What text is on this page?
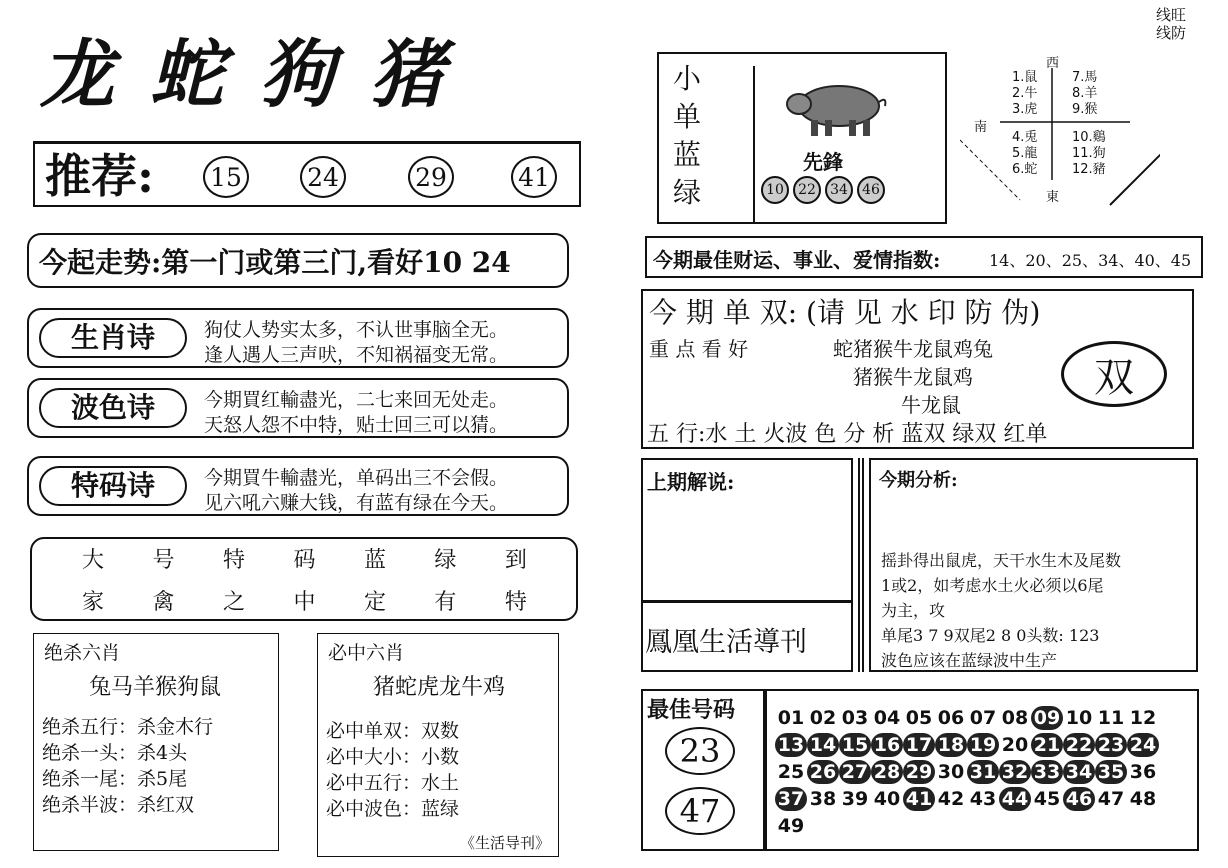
龙蛇狗猪
推荐: 15	24	29	41
今起走势:第一门或第三门,看好10 24
生肖诗	狗仗人势实太多，不认世事脑全无。
逢人遇人三声吠，不知祸福变无常。
波色诗	今期買红輸盡光，二七来回无处走。
天怒人怨不中特，贴士回三可以猜。
特码诗	今期買牛輸盡光，单码出三不会假。
见六吼六赚大钱，有蓝有绿在今天。
大 号 特 码 蓝 绿 到
家 禽 之 中 定 有 特
绝杀六肖
兔马羊猴狗鼠
绝杀五行：杀金木行
绝杀一头：杀4头
绝杀一尾：杀5尾
绝杀半波：杀红双
必中六肖
猪蛇虎龙牛鸡
必中单双：双数
必中大小：小数
必中五行：水土
必中波色：蓝绿
《生活导刊》
线旺
线防
小
单
蓝
绿
先鋒
10	22	34	46
西
南
東
1.鼠
2.牛
3.虎
4.兎
5.龍
6.蛇
7.馬
8.羊
9.猴
10.鷄
11.狗
12.豬
今期最佳财运、事业、爱情指数:	14、20、25、34、40、45
今 期 单 双: (请 见 水 印 防 伪)
重 点 看 好	蛇猪猴牛龙鼠鸡兔
猪猴牛龙鼠鸡
牛龙鼠
双
五 行:水 土 火波 色 分 析 蓝双 绿双 红单
上期解说:
鳳凰生活導刊
今期分析:
摇卦得出鼠虎，天干水生木及尾数
1或2，如考虑水土火必须以6尾
为主，攻
单尾3 7 9双尾2 8 0头数: 123
波色应该在蓝绿波中生产
最佳号码
23
47
01 02 03 04 05 06 07 08 09 10 11 12
13 14 15 16 17 18 19 20 21 22 23 24
25 26 27 28 29 30 31 32 33 34 35 36
37 38 39 40 41 42 43 44 45 46 47 48
49
